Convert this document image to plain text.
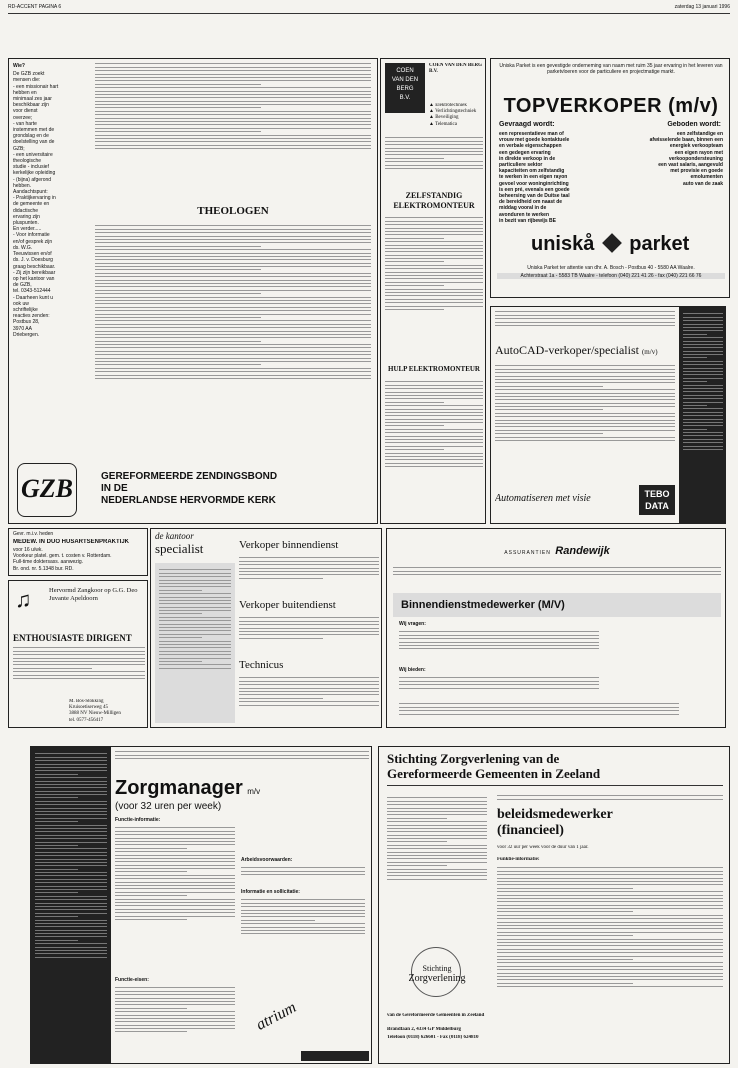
RD-ACCENT PAGINA 6	zaterdag 13 januari 1996
Wie?
De GZB zoekt
mensen die:
- een missionair hart
hebben en
minimaal zes jaar
beschikbaar zijn
voor dienst
overzee;
- van harte
instemmen met de
grondslag en de
doelstelling van de
GZB;
- een universitaire
theologische
studie - inclusief
kerkelijke opleiding
- (bijna) afgerond
hebben.
Aandachtspunt:
- Praktijkervaring in
de gemeente en
didactische
ervaring zijn
pluspunten.
En verder.....
- Voor informatie
en/of gesprek zijn
ds. W.G.
Teeuwissen en/of
ds. J. v. Doesburg
graag beschikbaar.
- Zij zijn bereikbaar
op het kantoor van
de GZB,
tel. 0343-512444
- Daarheen kunt u
ook uw
schriftelijke
reacties zenden:
Postbus 28,
3970 AA
Driebergen.
THEOLOGEN
GZB	GEREFORMEERDE ZENDINGSBOND
IN DE
NEDERLANDSE HERVORMDE KERK
COEN
VAN DEN
BERG
B.V.
COEN VAN DEN BERG B.V.
▲ Elektrotechniek
▲ Verlichtingstechniek
▲ Beveiliging
▲ Telematica
ZELFSTANDIG
ELEKTROMONTEUR
HULP ELEKTROMONTEUR
Uniska Parket is een gevestigde onderneming van naam met ruim 35 jaar ervaring in het leveren van parketvloeren voor de particuliere en projectmatige markt.
TOPVERKOPER (m/v)
Gevraagd wordt:	Geboden wordt:
een representatieve man of
vrouw met goede kontaktuele
en verbale eigenschappen
een gedegen ervaring
in direkte verkoop in de
particuliere sektor
kapaciteiten om zelfstandig
te werken in een eigen rayon
gevoel voor woninginrichting
is een pré, evenals een goede
beheersing van de Duitse taal
de bereidheid om naast de
middag vooral in de
avonduren te werken
in bezit van rijbewijs BE
een zelfstandige en
afwisselende baan, binnen een
energiek verkoopteam
een eigen rayon met
verkoopondersteuning
een vast salaris, aangevuld
met provisie en goede
emolumenten
auto van de zaak
uniskå parket
Uniska Parket ter attentie van dhr. A. Bosch - Postbus 40 - 5580 AA Waalre.
Achterstraat 1a - 5583 TB Waalre - telefoon (040) 221 41 26 - fax (040) 221 66 76
AutoCAD-verkoper/specialist (m/v)
Automatiseren met visie	TEBO
DATA
Gevr. m.i.v. heden
MEDEW. IN DUO HUSARTSENPRAKTIJK
voor 16 u/wk.
Voorkeur platel. gem. t. costen v. Rotterdam.
Full-time doktersass. aanwezig.
Br. ond. nr. 5.1348 bur. RD.
♫	Hervormd Zangkoor op G.G. Deo Juvante Apeldoorn
ENTHOUSIASTE DIRIGENT
M. Bos-Stokking
Kruisoetiserweg 45
3888 NV Nieuw-Milligen
tel. 0577-456417
de kantoor
specialist	Verkoper binnendienst
Verkoper buitendienst
Technicus
ASSURANTIEN Randewijk
Binnendienstmedewerker (M/V)
Wij vragen:
Wij bieden:
Zorgmanager m/v
(voor 32 uren per week)
Functie-informatie:
Functie-eisen:
Arbeidsvoorwaarden:
Informatie en sollicitatie:
atrium
Stichting Zorgverlening van de
Gereformeerde Gemeenten in Zeeland
Stichting
Zorgverlening
van de Gereformeerde Gemeenten in Zeeland
Brandfaan 2, 4334 GP Middelburg
Telefoon (0118) 626601 - Fax (0118) 624810
beleidsmedewerker
(financieel)
voor 32 uur per week voor de duur van 1 jaar.
Funktie-informatie:
